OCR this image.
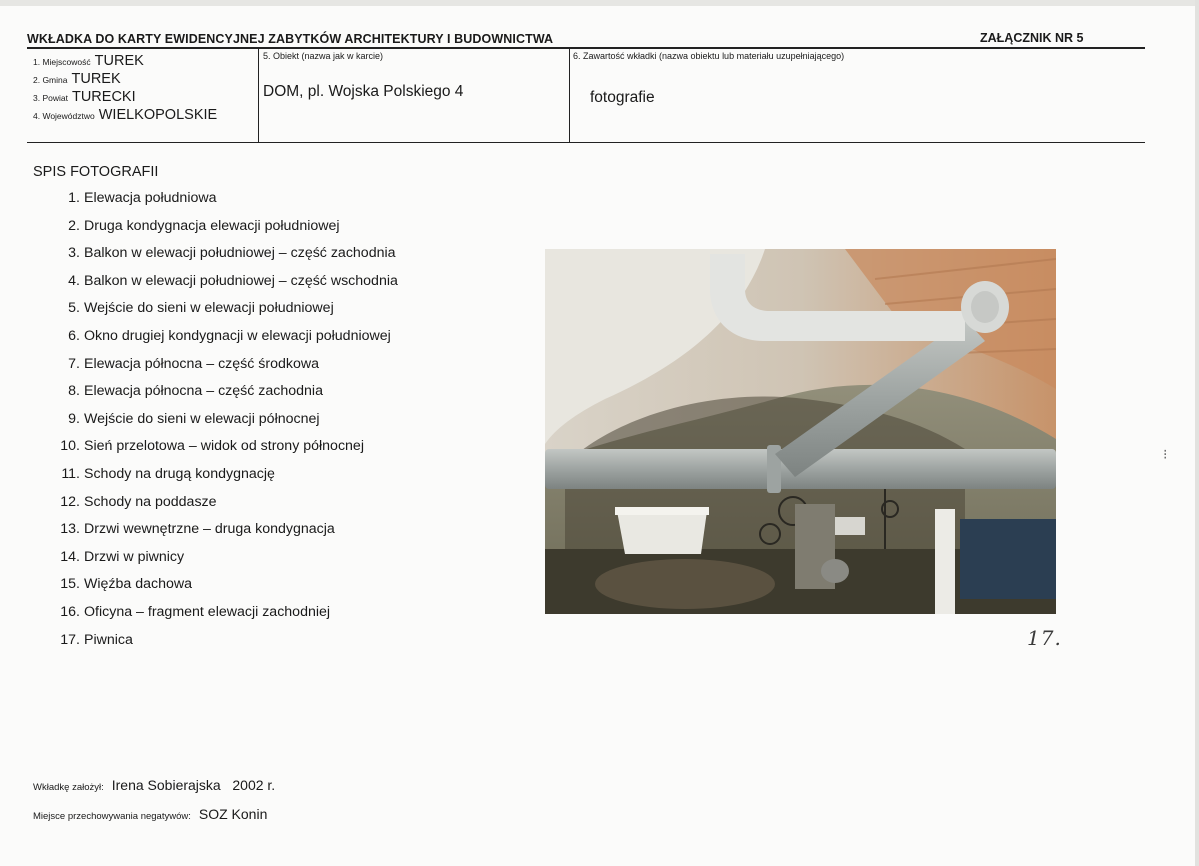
WKŁADKA DO KARTY EWIDENCYJNEJ ZABYTKÓW ARCHITEKTURY I BUDOWNICTWA	ZAŁĄCZNIK NR 5
1. Miejscowość TUREK
2. Gmina TUREK
3. Powiat TURECKI
4. Województwo WIELKOPOLSKIE
5. Obiekt (nazwa jak w karcie)
DOM, pl. Wojska Polskiego 4
6. Zawartość wkładki (nazwa obiektu lub materiału uzupełniającego)
fotografie
SPIS FOTOGRAFII
1. Elewacja południowa
2. Druga kondygnacja elewacji południowej
3. Balkon w elewacji południowej – część zachodnia
4. Balkon w elewacji południowej – część wschodnia
5. Wejście do sieni w elewacji południowej
6. Okno drugiej kondygnacji w elewacji południowej
7. Elewacja północna – część środkowa
8. Elewacja północna – część zachodnia
9. Wejście do sieni w elewacji północnej
10. Sień przelotowa – widok od strony północnej
11. Schody na drugą kondygnację
12. Schody na poddasze
13. Drzwi wewnętrzne – druga kondygnacja
14. Drzwi w piwnicy
15. Więźba dachowa
16. Oficyna – fragment elewacji zachodniej
17. Piwnica	17.
⁝
Wkładkę założył: Irena Sobierajska   2002 r.
Miejsce przechowywania negatywów: SOZ Konin
